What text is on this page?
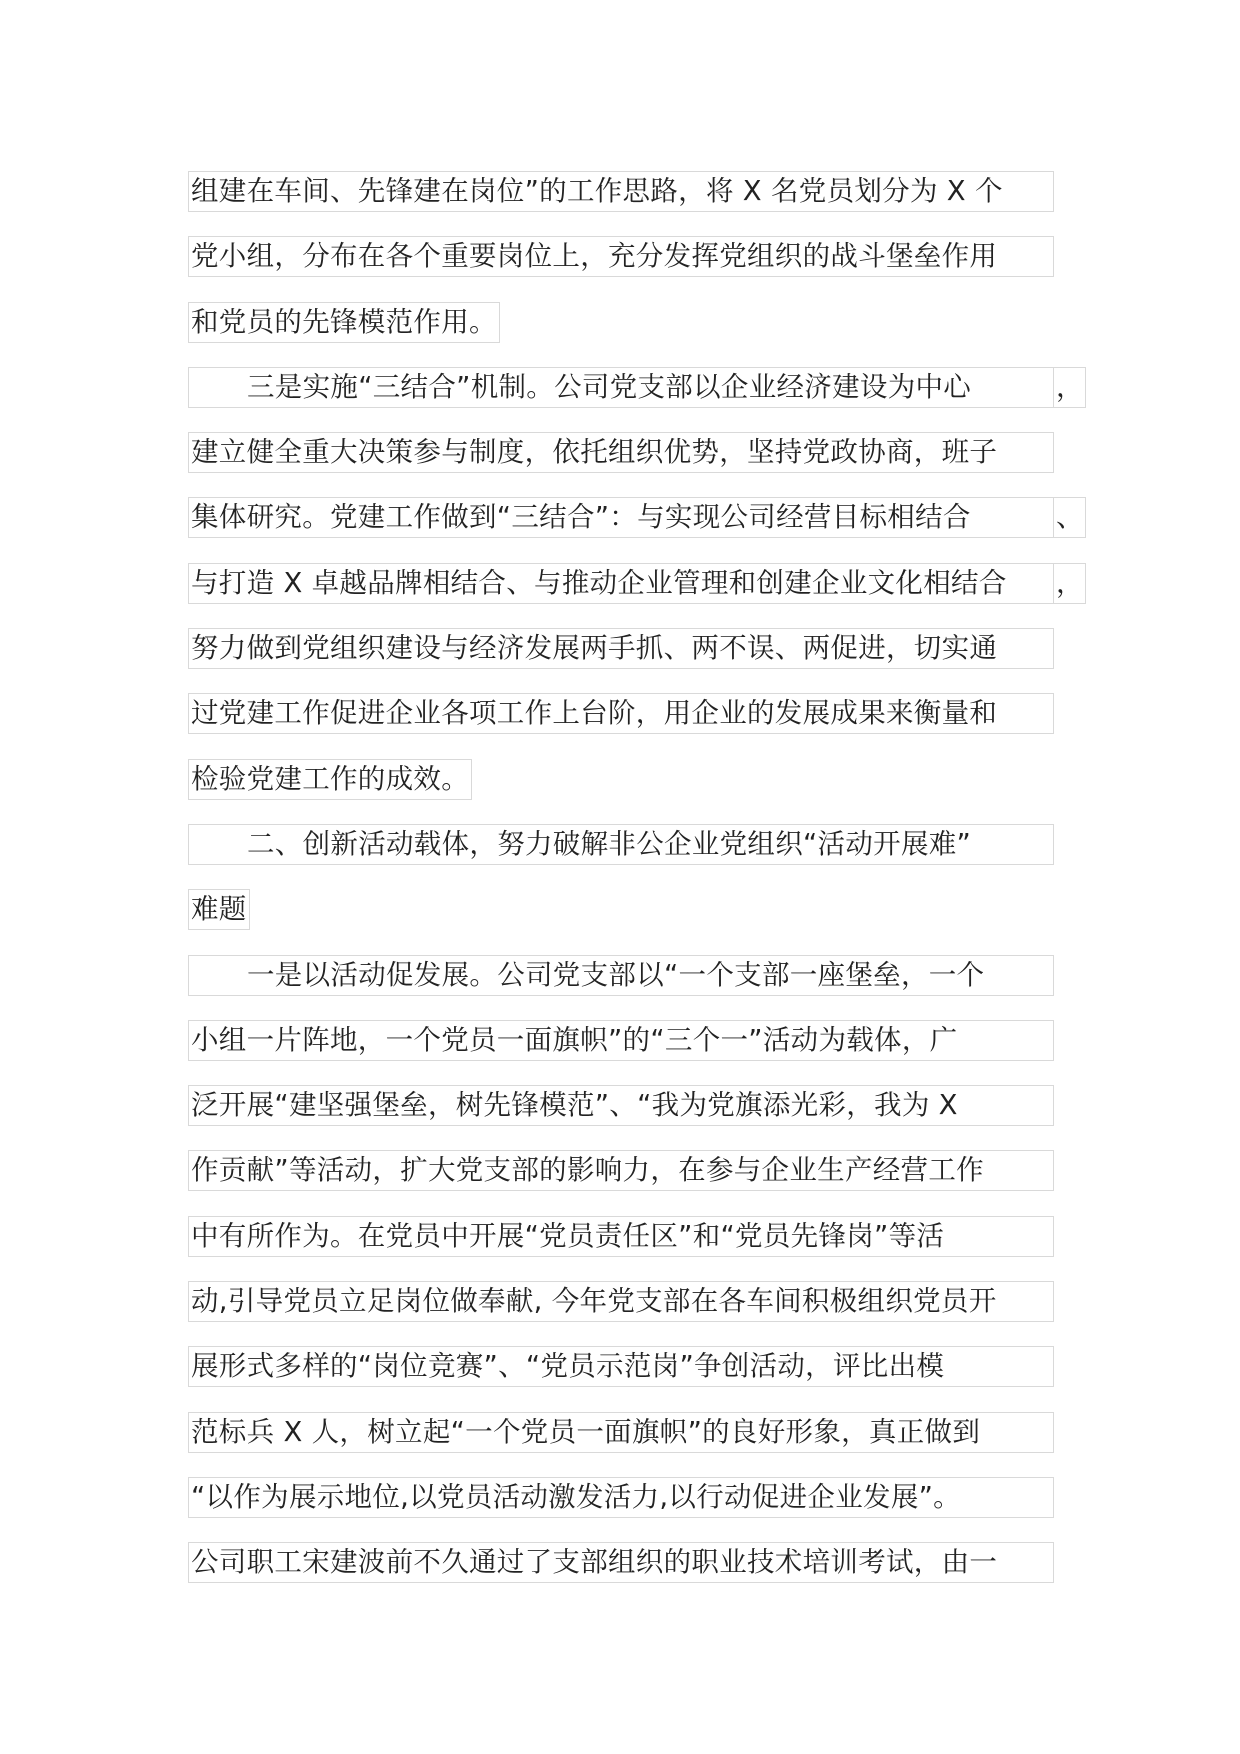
组建在车间、先锋建在岗位”的工作思路，将 X 名党员划分为 X 个
党小组，分布在各个重要岗位上，充分发挥党组织的战斗堡垒作用
和党员的先锋模范作用。
三是实施“三结合”机制。公司党支部以企业经济建设为中心	，
建立健全重大决策参与制度，依托组织优势，坚持党政协商，班子
集体研究。党建工作做到“三结合”：与实现公司经营目标相结合	、
与打造 X 卓越品牌相结合、与推动企业管理和创建企业文化相结合 ，
努力做到党组织建设与经济发展两手抓、两不误、两促进，切实通
过党建工作促进企业各项工作上台阶，用企业的发展成果来衡量和
检验党建工作的成效。
二、创新活动载体，努力破解非公企业党组织“活动开展难”
难题
一是以活动促发展。公司党支部以“一个支部一座堡垒，一个
小组一片阵地，一个党员一面旗帜”的“三个一”活动为载体，广
泛开展“建坚强堡垒，树先锋模范”、“我为党旗添光彩，我为 X
作贡献”等活动，扩大党支部的影响力，在参与企业生产经营工作
中有所作为。在党员中开展“党员责任区”和“党员先锋岗”等活
动,引导党员立足岗位做奉献, 今年党支部在各车间积极组织党员开
展形式多样的“岗位竞赛”、“党员示范岗”争创活动，评比出模
范标兵 X 人，树立起“一个党员一面旗帜”的良好形象，真正做到
“以作为展示地位,以党员活动激发活力,以行动促进企业发展”。
公司职工宋建波前不久通过了支部组织的职业技术培训考试，由一
